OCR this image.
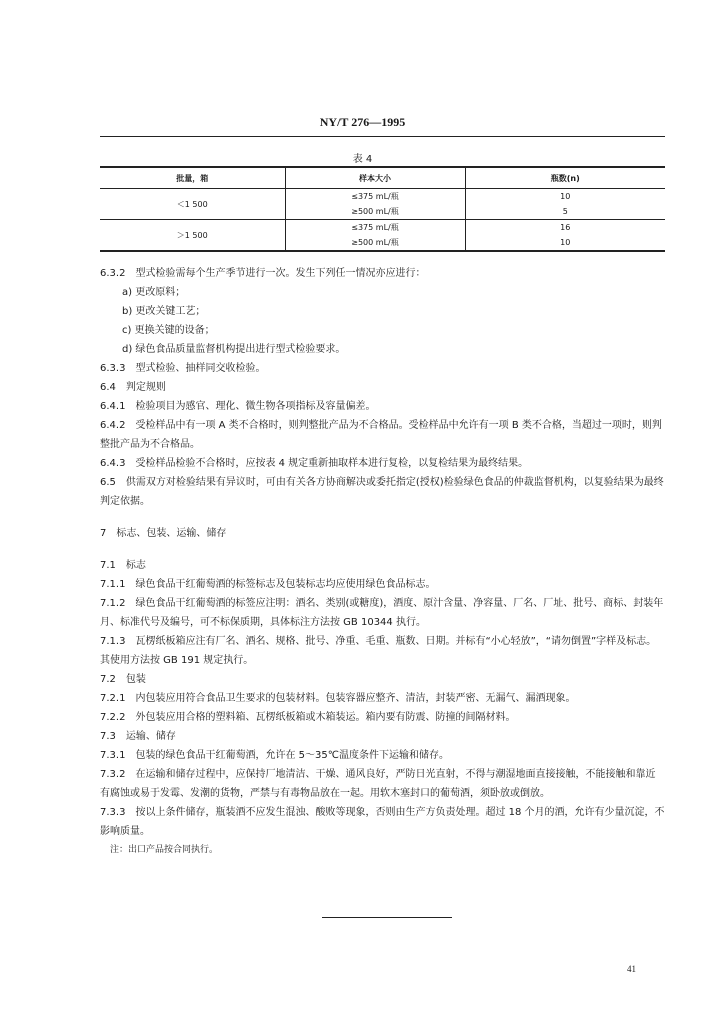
NY/T 276—1995
表 4
批量，箱	样本大小	瓶数(n)
＜1 500	≤375 mL/瓶	10
	≥500 mL/瓶	5
＞1 500	≤375 mL/瓶	16
	≥500 mL/瓶	10

6.3.2　型式检验需每个生产季节进行一次。发生下列任一情况亦应进行：

a) 更改原料；

b) 更改关键工艺；

c) 更换关键的设备；

d) 绿色食品质量监督机构提出进行型式检验要求。

6.3.3　型式检验、抽样同交收检验。

6.4　判定规则

6.4.1　检验项目为感官、理化、微生物各项指标及容量偏差。

6.4.2　受检样品中有一项 A 类不合格时，则判整批产品为不合格品。受检样品中允许有一项 B 类不合格，当超过一项时，则判整批产品为不合格品。

6.4.3　受检样品检验不合格时，应按表 4 规定重新抽取样本进行复检，以复检结果为最终结果。

6.5　供需双方对检验结果有异议时，可由有关各方协商解决或委托指定(授权)检验绿色食品的仲裁监督机构，以复验结果为最终判定依据。

7　标志、包装、运输、储存

7.1　标志

7.1.1　绿色食品干红葡萄酒的标签标志及包装标志均应使用绿色食品标志。

7.1.2　绿色食品干红葡萄酒的标签应注明：酒名、类别(或糖度)，酒度、原汁含量、净容量、厂名、厂址、批号、商标、封装年月、标准代号及编号，可不标保质期，具体标注方法按 GB 10344 执行。

7.1.3　瓦楞纸板箱应注有厂名、酒名、规格、批号、净重、毛重、瓶数、日期。并标有“小心轻放”，“请勿倒置”字样及标志。其使用方法按 GB 191 规定执行。

7.2　包装

7.2.1　内包装应用符合食品卫生要求的包装材料。包装容器应整齐、清洁，封装严密、无漏气、漏酒现象。

7.2.2　外包装应用合格的塑料箱、瓦楞纸板箱或木箱装运。箱内要有防震、防撞的间隔材料。

7.3　运输、储存

7.3.1　包装的绿色食品干红葡萄酒，允许在 5～35℃温度条件下运输和储存。

7.3.2　在运输和储存过程中，应保持厂地清洁、干燥、通风良好，严防日光直射，不得与潮湿地面直接接触，不能接触和靠近有腐蚀或易于发霉、发潮的货物，严禁与有毒物品放在一起。用软木塞封口的葡萄酒，须卧放或倒放。

7.3.3　按以上条件储存，瓶装酒不应发生混浊、酸败等现象，否则由生产方负责处理。超过 18 个月的酒，允许有少量沉淀，不影响质量。

注：出口产品按合同执行。

41
